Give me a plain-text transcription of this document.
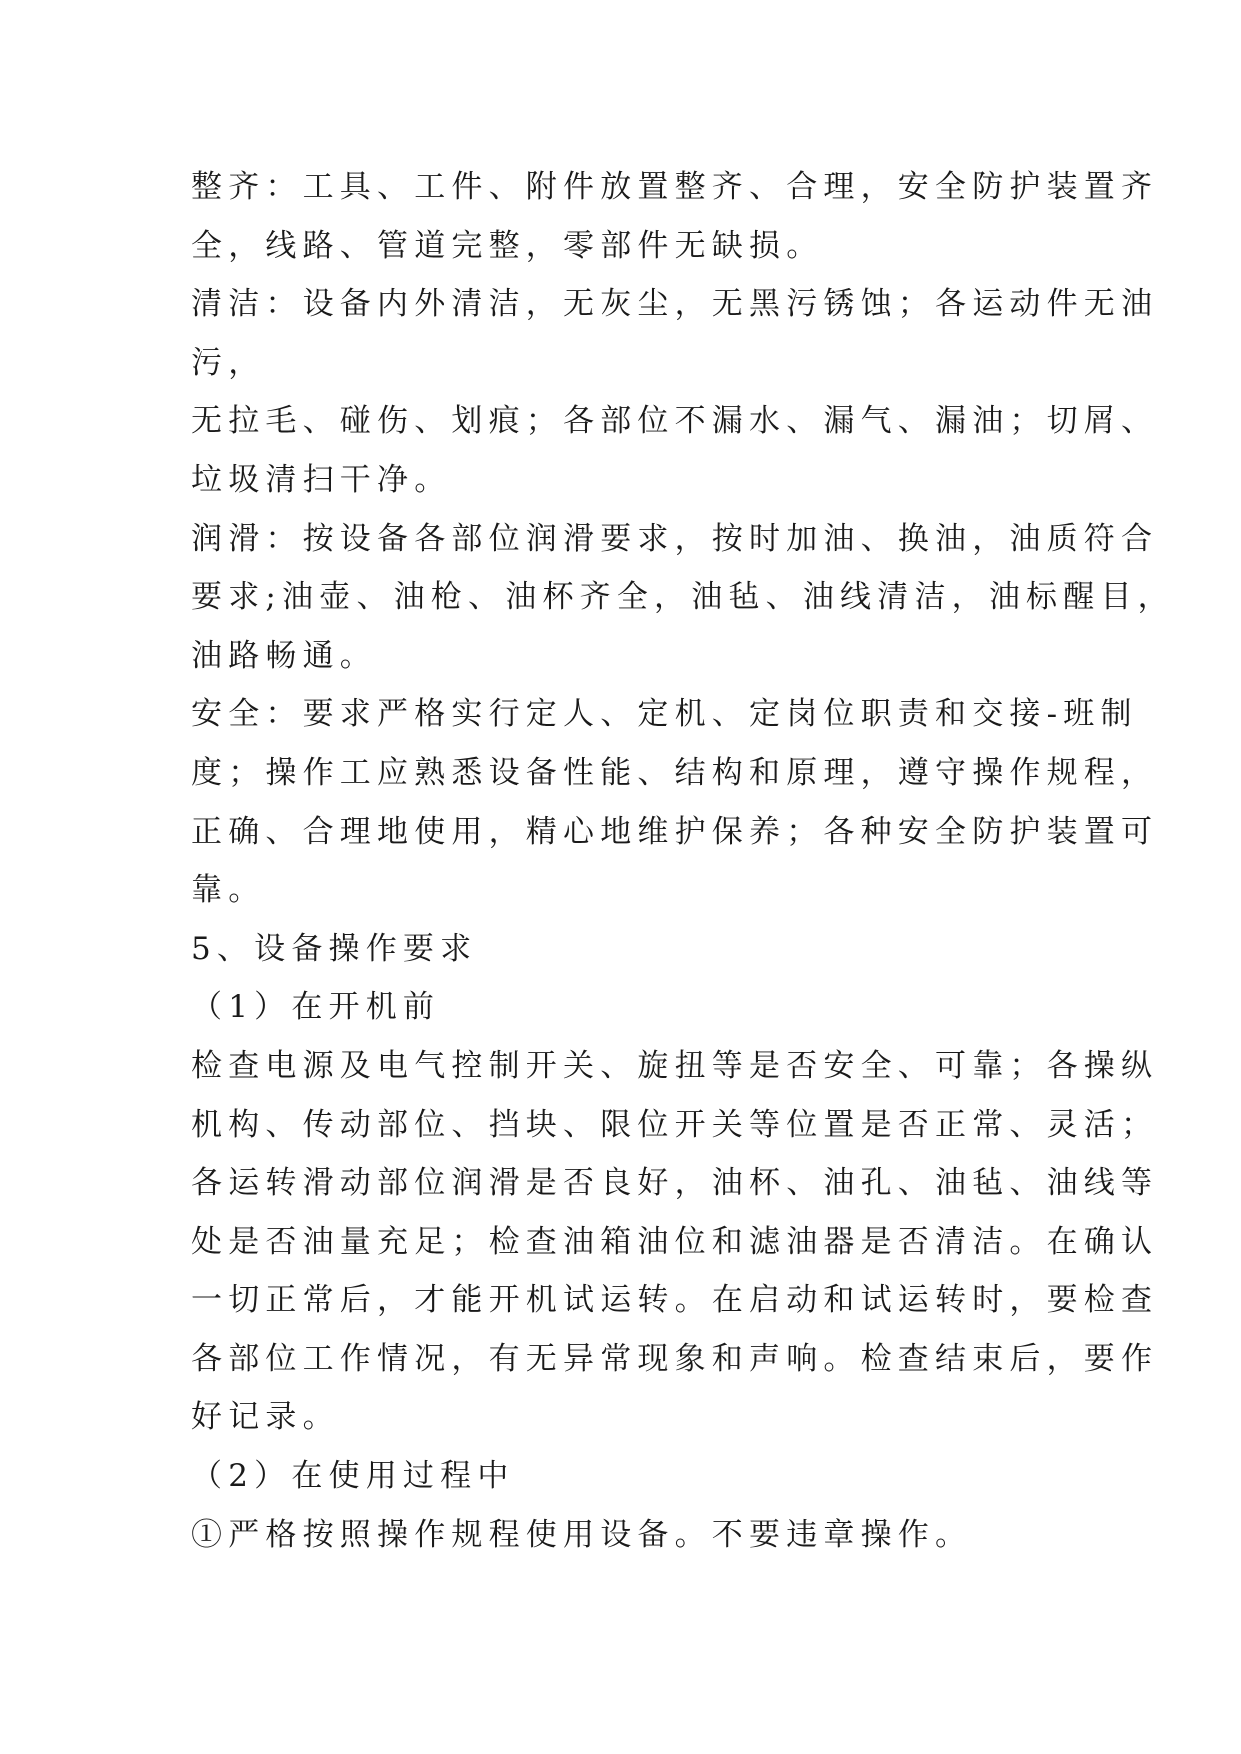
整齐：工具、工件、附件放置整齐、合理，安全防护装置齐
全，线路、管道完整，零部件无缺损。
清洁：设备内外清洁，无灰尘，无黑污锈蚀；各运动件无油
污，
无拉毛、碰伤、划痕；各部位不漏水、漏气、漏油；切屑、
垃圾清扫干净。
润滑：按设备各部位润滑要求，按时加油、换油，油质符合
要求;油壶、油枪、油杯齐全，油毡、油线清洁，油标醒目，
油路畅通。
安全：要求严格实行定人、定机、定岗位职责和交接-班制
度；操作工应熟悉设备性能、结构和原理，遵守操作规程，
正确、合理地使用，精心地维护保养；各种安全防护装置可
靠。
5、设备操作要求
（1）在开机前
检查电源及电气控制开关、旋扭等是否安全、可靠；各操纵
机构、传动部位、挡块、限位开关等位置是否正常、灵活；
各运转滑动部位润滑是否良好，油杯、油孔、油毡、油线等
处是否油量充足；检查油箱油位和滤油器是否清洁。在确认
一切正常后，才能开机试运转。在启动和试运转时，要检查
各部位工作情况，有无异常现象和声响。检查结束后，要作
好记录。
（2）在使用过程中
①严格按照操作规程使用设备。不要违章操作。
